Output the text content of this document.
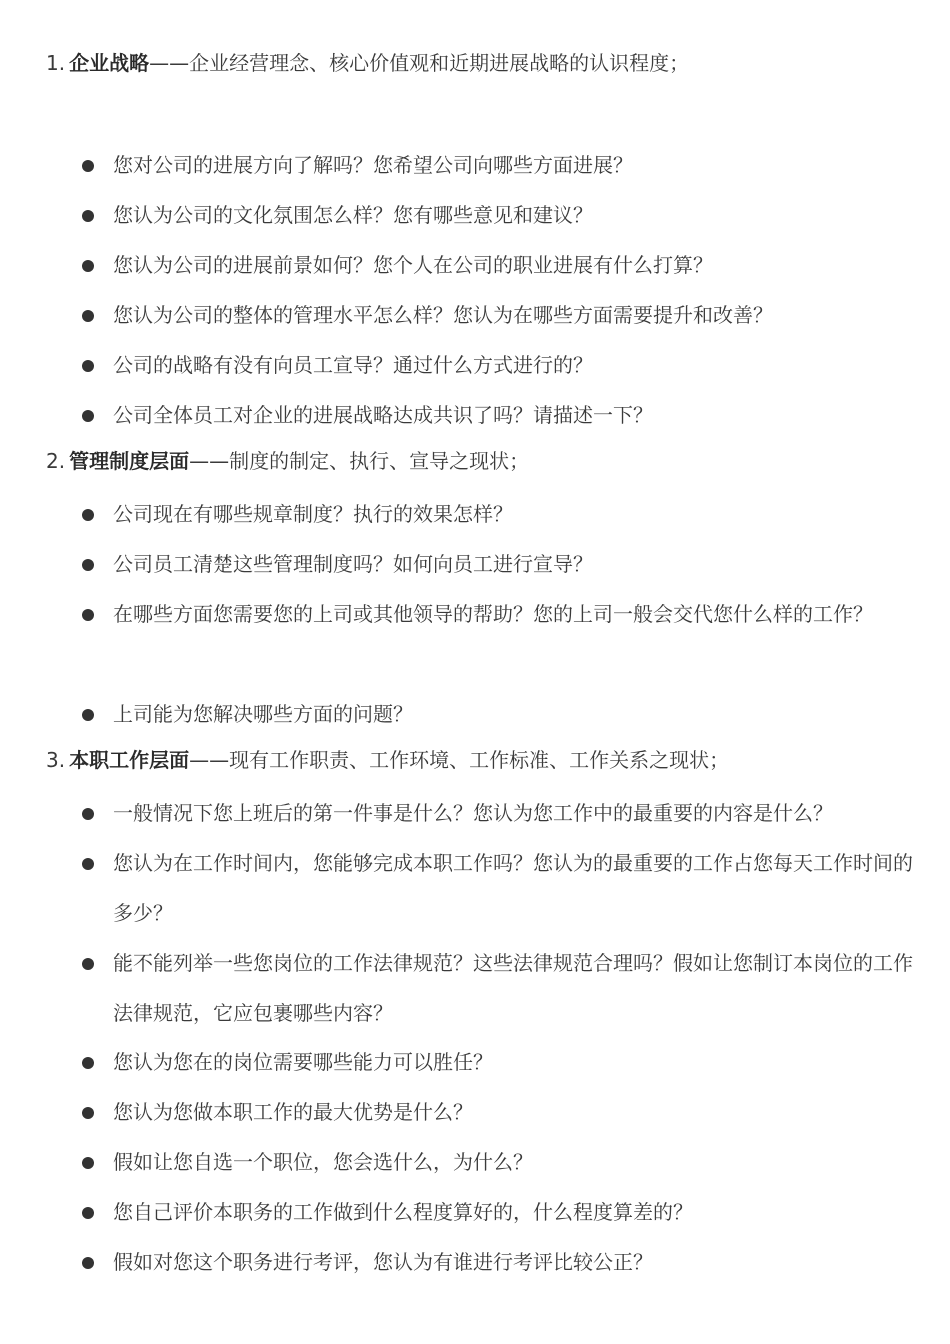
1. 企业战略——企业经营理念、核心价值观和近期进展战略的认识程度；
您对公司的进展方向了解吗？您希望公司向哪些方面进展？
您认为公司的文化氛围怎么样？您有哪些意见和建议？
您认为公司的进展前景如何？您个人在公司的职业进展有什么打算？
您认为公司的整体的管理水平怎么样？您认为在哪些方面需要提升和改善？
公司的战略有没有向员工宣导？通过什么方式进行的？
公司全体员工对企业的进展战略达成共识了吗？请描述一下？
2. 管理制度层面——制度的制定、执行、宣导之现状；
公司现在有哪些规章制度？执行的效果怎样？
公司员工清楚这些管理制度吗？如何向员工进行宣导？
在哪些方面您需要您的上司或其他领导的帮助？您的上司一般会交代您什么样的工作？
上司能为您解决哪些方面的问题？
3. 本职工作层面——现有工作职责、工作环境、工作标准、工作关系之现状；
一般情况下您上班后的第一件事是什么？您认为您工作中的最重要的内容是什么？
您认为在工作时间内，您能够完成本职工作吗？您认为的最重要的工作占您每天工作时间的多少？
能不能列举一些您岗位的工作法律规范？这些法律规范合理吗？假如让您制订本岗位的工作法律规范，它应包裹哪些内容？
您认为您在的岗位需要哪些能力可以胜任？
您认为您做本职工作的最大优势是什么？
假如让您自选一个职位，您会选什么，为什么？
您自己评价本职务的工作做到什么程度算好的，什么程度算差的？
假如对您这个职务进行考评，您认为有谁进行考评比较公正？
